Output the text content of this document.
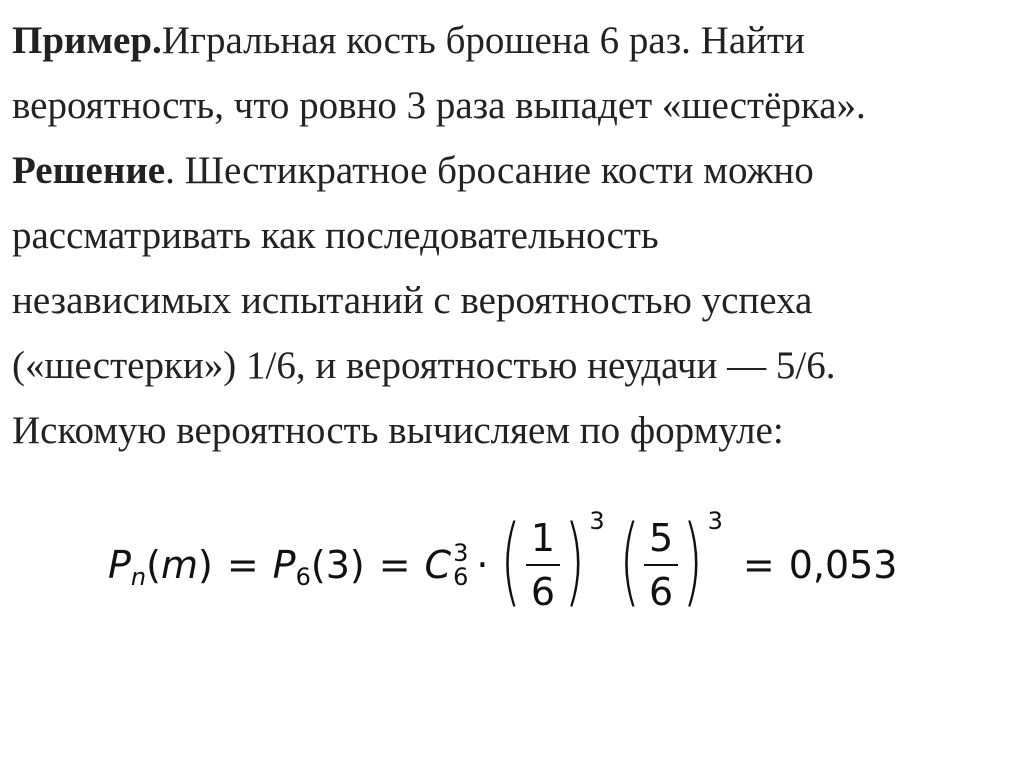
Пример.Игральная кость брошена 6 раз. Найти
вероятность, что ровно 3 раза выпадет «шестёрка».
Решение. Шестикратное бросание кости можно
рассматривать как последовательность
независимых испытаний с вероятностью успеха
(«шестерки») 1/6, и вероятностью неудачи — 5/6.
Искомую вероятность вычисляем по формуле:
P n ( m ) = P 6 (3) = C 3
6 · ( $\frac{1}{6}$ ) 3 ( $\frac{5}{6}$ ) 3
= 0,053
